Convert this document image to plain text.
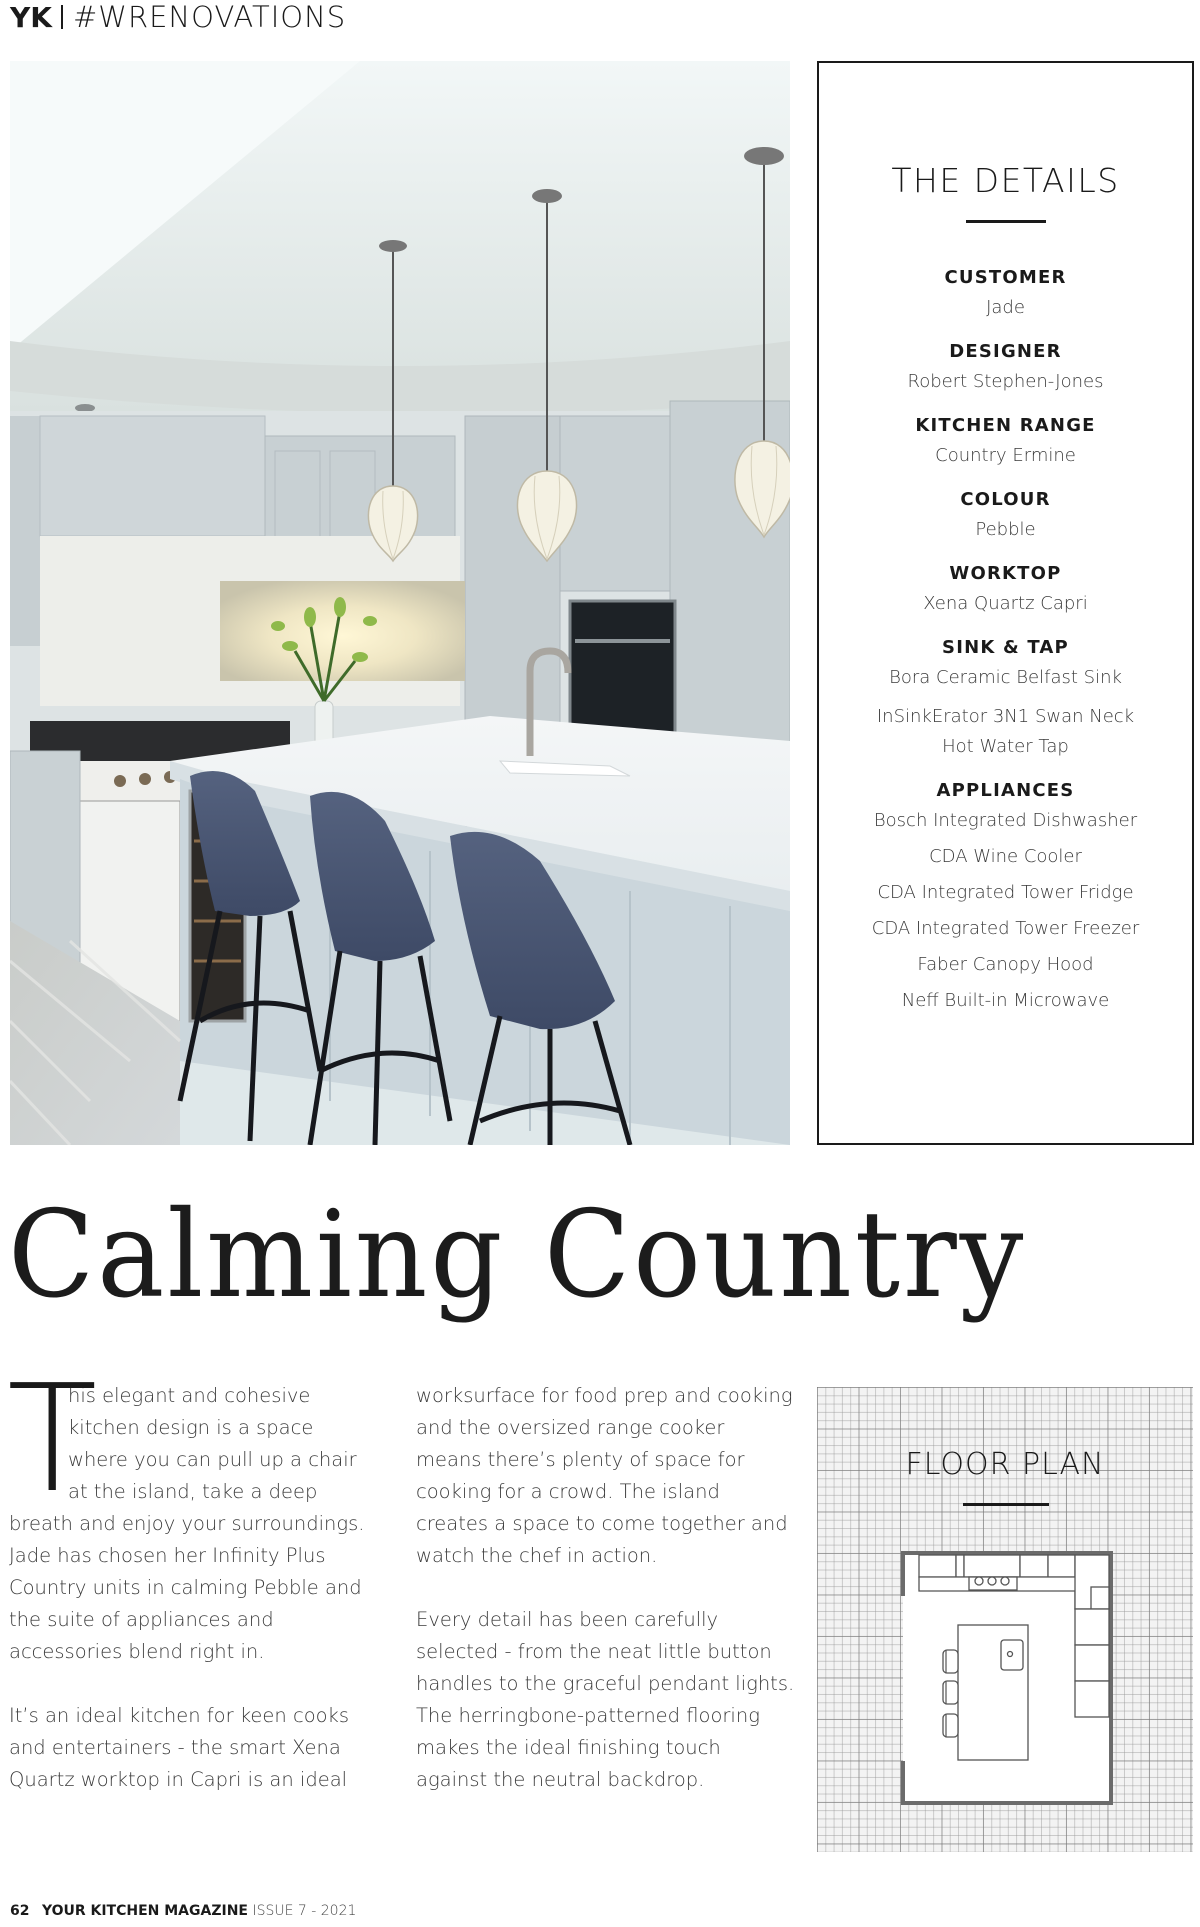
YK #WRENOVATIONS
THE DETAILS
CUSTOMER
Jade
DESIGNER
Robert Stephen-Jones
KITCHEN RANGE
Country Ermine
COLOUR
Pebble
WORKTOP
Xena Quartz Capri
SINK & TAP
Bora Ceramic Belfast Sink
InSinkErator 3N1 Swan Neck
Hot Water Tap
APPLIANCES
Bosch Integrated Dishwasher
CDA Wine Cooler
CDA Integrated Tower Fridge
CDA Integrated Tower Freezer
Faber Canopy Hood
Neff Built-in Microwave
Calming Country

T
his elegant and cohesive
kitchen design is a space
where you can pull up a chair
at the island, take a deep
breath and enjoy your surroundings. Jade has chosen her Infinity Plus Country units in calming Pebble and the suite of appliances and accessories blend right in.

It’s an ideal kitchen for keen cooks and entertainers - the smart Xena Quartz worktop in Capri is an ideal

worksurface for food prep and cooking and the oversized range cooker means there’s plenty of space for cooking for a crowd. The island creates a space to come together and watch the chef in action.

Every detail has been carefully selected - from the neat little button handles to the graceful pendant lights. The herringbone-patterned flooring makes the ideal finishing touch against the neutral backdrop.

FLOOR PLAN
62 YOUR KITCHEN MAGAZINE ISSUE 7 - 2021
